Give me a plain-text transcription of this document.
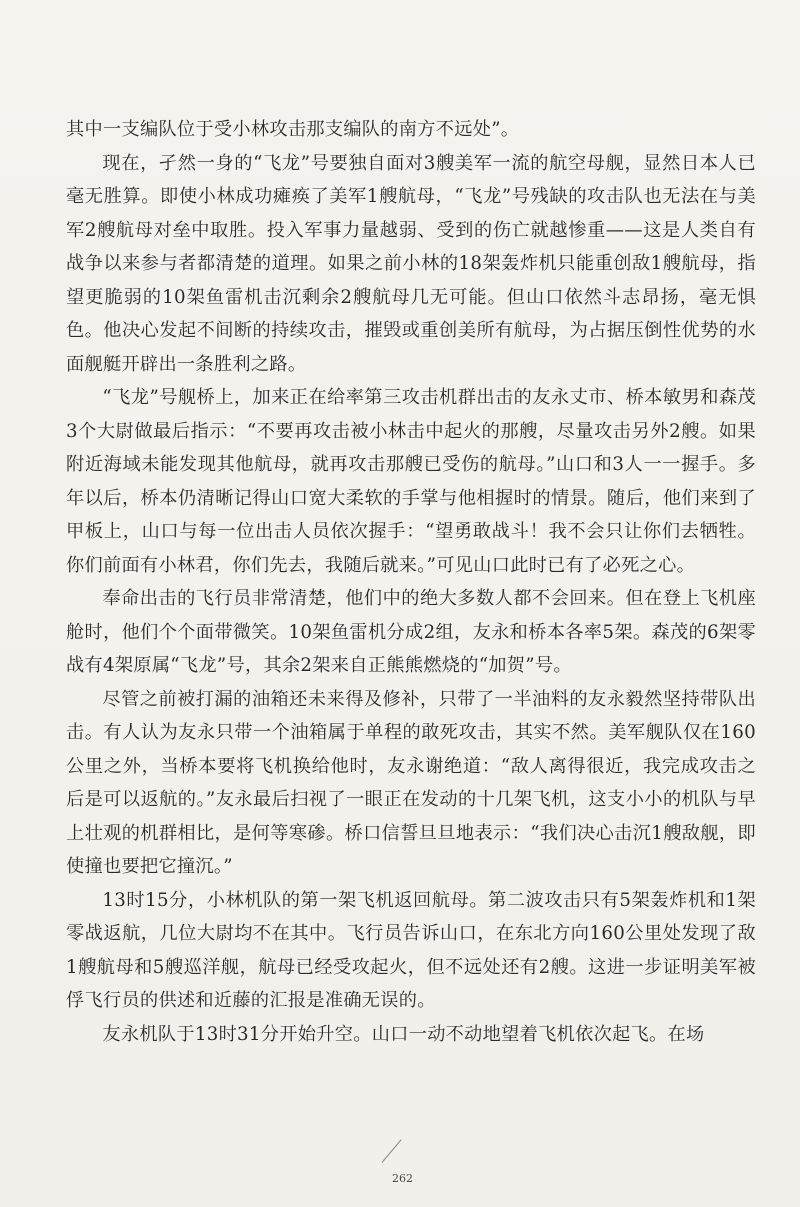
其中一支编队位于受小林攻击那支编队的南方不远处”。

现在，孑然一身的“飞龙”号要独自面对3艘美军一流的航空母舰，显然日本人已毫无胜算。即使小林成功瘫痪了美军1艘航母，“飞龙”号残缺的攻击队也无法在与美军2艘航母对垒中取胜。投入军事力量越弱、受到的伤亡就越惨重——这是人类自有战争以来参与者都清楚的道理。如果之前小林的18架轰炸机只能重创敌1艘航母，指望更脆弱的10架鱼雷机击沉剩余2艘航母几无可能。但山口依然斗志昂扬，毫无惧色。他决心发起不间断的持续攻击，摧毁或重创美所有航母，为占据压倒性优势的水面舰艇开辟出一条胜利之路。

“飞龙”号舰桥上，加来正在给率第三攻击机群出击的友永丈市、桥本敏男和森茂3个大尉做最后指示：“不要再攻击被小林击中起火的那艘，尽量攻击另外2艘。如果附近海域未能发现其他航母，就再攻击那艘已受伤的航母。”山口和3人一一握手。多年以后，桥本仍清晰记得山口宽大柔软的手掌与他相握时的情景。随后，他们来到了甲板上，山口与每一位出击人员依次握手：“望勇敢战斗！我不会只让你们去牺牲。你们前面有小林君，你们先去，我随后就来。”可见山口此时已有了必死之心。

奉命出击的飞行员非常清楚，他们中的绝大多数人都不会回来。但在登上飞机座舱时，他们个个面带微笑。10架鱼雷机分成2组，友永和桥本各率5架。森茂的6架零战有4架原属“飞龙”号，其余2架来自正熊熊燃烧的“加贺”号。

尽管之前被打漏的油箱还未来得及修补，只带了一半油料的友永毅然坚持带队出击。有人认为友永只带一个油箱属于单程的敢死攻击，其实不然。美军舰队仅在160公里之外，当桥本要将飞机换给他时，友永谢绝道：“敌人离得很近，我完成攻击之后是可以返航的。”友永最后扫视了一眼正在发动的十几架飞机，这支小小的机队与早上壮观的机群相比，是何等寒碜。桥口信誓旦旦地表示：“我们决心击沉1艘敌舰，即使撞也要把它撞沉。”

13时15分，小林机队的第一架飞机返回航母。第二波攻击只有5架轰炸机和1架零战返航，几位大尉均不在其中。飞行员告诉山口，在东北方向160公里处发现了敌1艘航母和5艘巡洋舰，航母已经受攻起火，但不远处还有2艘。这进一步证明美军被俘飞行员的供述和近藤的汇报是准确无误的。

友永机队于13时31分开始升空。山口一动不动地望着飞机依次起飞。在场

262
